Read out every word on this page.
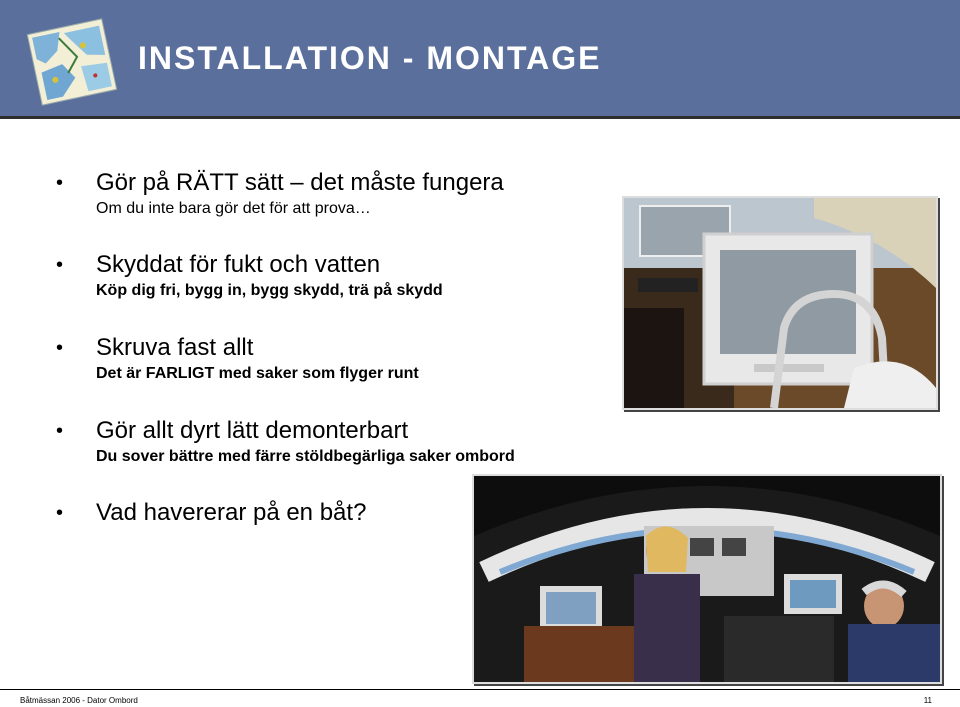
INSTALLATION - MONTAGE
• Gör på RÄTT sätt – det måste fungera
Om du inte bara gör det för att prova…
• Skyddat för fukt och vatten
Köp dig fri, bygg in, bygg skydd, trä på skydd
• Skruva fast allt
Det är FARLIGT med saker som flyger runt
• Gör allt dyrt lätt demonterbart
Du sover bättre med färre stöldbegärliga saker ombord
• Vad havererar på en båt?
Båtmässan 2006 - Dator Ombord	11
